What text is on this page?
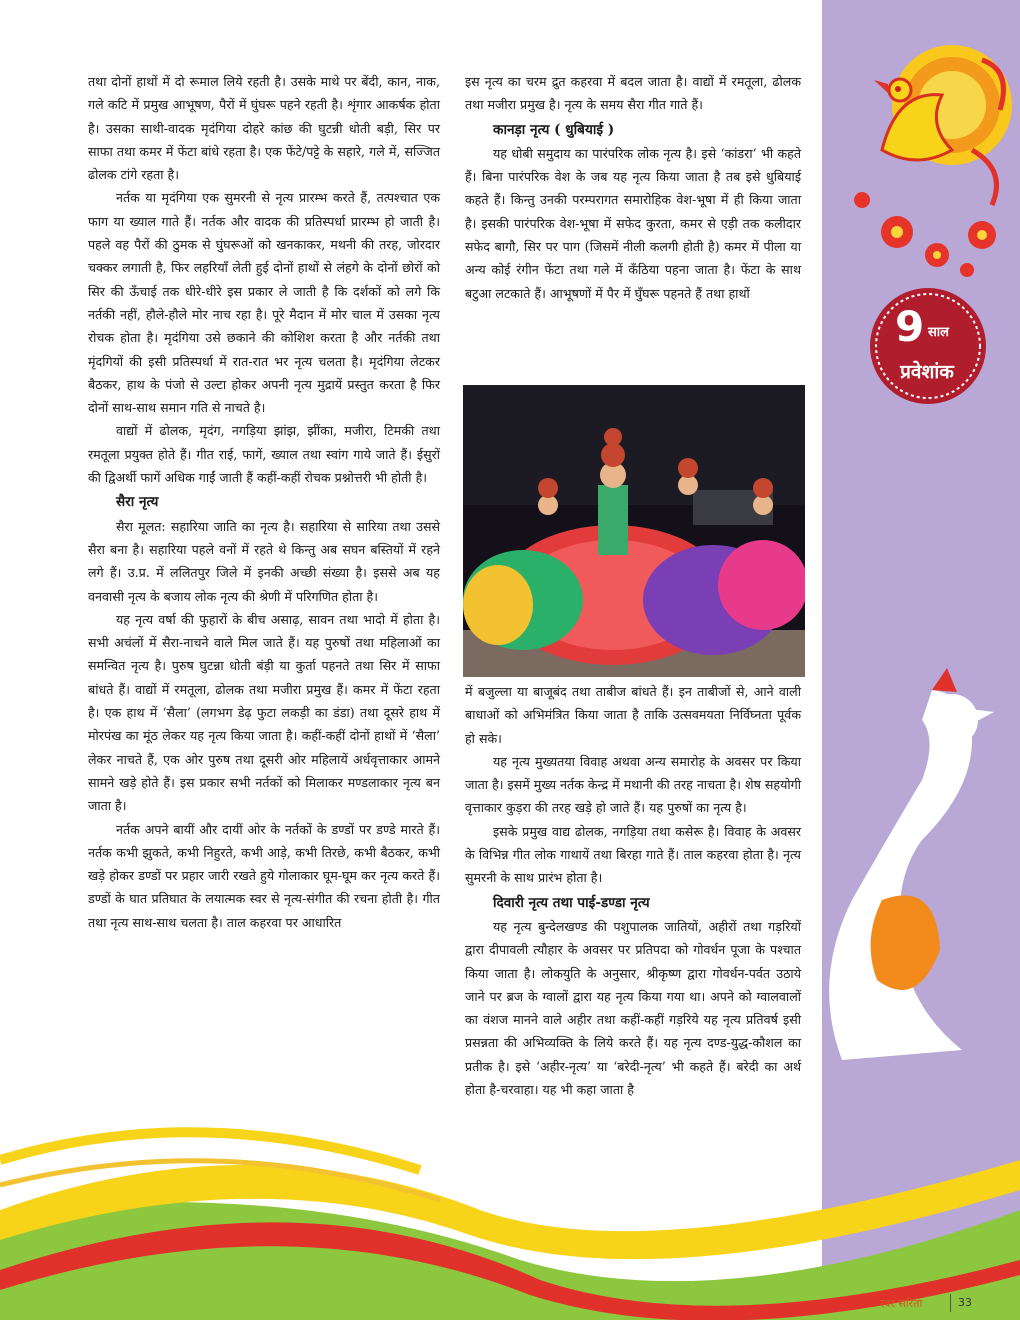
9 साल
प्रवेशांक

तथा दोनों हाथों में दो रूमाल लिये रहती है। उसके माथे पर बेंदी, कान, नाक, गले कटि में प्रमुख आभूषण, पैरों में घुंघरू पहने रहती है। शृंगार आकर्षक होता है। उसका साथी-वादक मृदंगिया दोहरे कांछ की घुटन्नी धोती बड़ी, सिर पर साफा तथा कमर में फेंटा बांधे रहता है। एक फेंटे/पट्टे के सहारे, गले में, सज्जित ढोलक टांगे रहता है।

नर्तक या मृदंगिया एक सुमरनी से नृत्य प्रारम्भ करते हैं, तत्पश्चात एक फाग या ख्याल गाते हैं। नर्तक और वादक की प्रतिस्पर्धा प्रारम्भ हो जाती है। पहले वह पैरों की ठुमक से घुंघरूओं को खनकाकर, मथनी की तरह, जोरदार चक्कर लगाती है, फिर लहरियाँ लेती हुई दोनों हाथों से लंहगे के दोनों छोरों को सिर की ऊँचाई तक धीरे-धीरे इस प्रकार ले जाती है कि दर्शकों को लगे कि नर्तकी नहीं, हौले-हौले मोर नाच रहा है। पूरे मैदान में मोर चाल में उसका नृत्य रोचक होता है। मृदंगिया उसे छकाने की कोशिश करता है और नर्तकी तथा मृंदगियों की इसी प्रतिस्पर्धा में रात-रात भर नृत्य चलता है। मृदंगिया लेटकर बैठकर, हाथ के पंजो से उल्टा होकर अपनी नृत्य मुद्रायें प्रस्तुत करता है फिर दोनों साथ-साथ समान गति से नाचते है।

वाद्यों में ढोलक, मृदंग, नगड़िया झांझ, झींका, मजीरा, टिमकी तथा रमतूला प्रयुक्त होते हैं। गीत राई, फागें, ख्याल तथा स्वांग गाये जाते हैं। ईसुरों की द्विअर्थी फागें अधिक गाईं जाती हैं कहीं-कहीं रोचक प्रश्नोत्तरी भी होती है।

सैरा नृत्य

सैरा मूलत: सहारिया जाति का नृत्य है। सहारिया से सारिया तथा उससे सैरा बना है। सहारिया पहले वनों में रहते थे किन्तु अब सघन बस्तियों में रहने लगे हैं। उ.प्र. में ललितपुर जिले में इनकी अच्छी संख्या है। इससे अब यह वनवासी नृत्य के बजाय लोक नृत्य की श्रेणी में परिगणित होता है।

यह नृत्य वर्षा की फुहारों के बीच असाढ़, सावन तथा भादो में होता है। सभी अचंलों में सैरा-नाचने वाले मिल जाते हैं। यह पुरुषों तथा महिलाओं का समन्वित नृत्य है। पुरुष घुटन्ना धोती बंड़ी या कुर्ता पहनते तथा सिर में साफा बांधते हैं। वाद्यों में रमतूला, ढोलक तथा मजीरा प्रमुख हैं। कमर में फेंटा रहता है। एक हाथ में ‘सैला’ (लगभग डेढ़ फुटा लकड़ी का डंडा) तथा दूसरे हाथ में मोरपंख का मूंठ लेकर यह नृत्य किया जाता है। कहीं-कहीं दोनों हाथों में ‘सैला’ लेकर नाचते हैं, एक ओर पुरुष तथा दूसरी ओर महिलायें अर्धवृत्ताकार आमने सामने खड़े होते हैं। इस प्रकार सभी नर्तकों को मिलाकर मण्डलाकार नृत्य बन जाता है।

नर्तक अपने बायीं और दायीं ओर के नर्तकों के डण्डों पर डण्डे मारते हैं। नर्तक कभी झुकते, कभी निहुरते, कभी आड़े, कभी तिरछे, कभी बैठकर, कभी खड़े होकर डण्डों पर प्रहार जारी रखते हुये गोलाकार घूम-घूम कर नृत्य करते हैं। डण्डों के घात प्रतिघात के लयात्मक स्वर से नृत्य-संगीत की रचना होती है। गीत तथा नृत्य साथ-साथ चलता है। ताल कहरवा पर आधारित

इस नृत्य का चरम द्रुत कहरवा में बदल जाता है। वाद्यों में रमतूला, ढोलक तथा मजीरा प्रमुख है। नृत्य के समय सैरा गीत गाते हैं।

कानड़ा नृत्य ( धुबियाई )

यह धोबी समुदाय का पारंपरिक लोक नृत्य है। इसे ‘कांडरा’ भी कहते हैं। बिना पारंपरिक वेश के जब यह नृत्य किया जाता है तब इसे धुबियाई कहते हैं। किन्तु उनकी परम्परागत समारोहिक वेश-भूषा में ही किया जाता है। इसकी पारंपरिक वेश-भूषा में सफेद कुरता, कमर से एड़ी तक कलीदार सफेद बागौ, सिर पर पाग (जिसमें नीली कलगी होती है) कमर में पीला या अन्य कोई रंगीन फेंटा तथा गले में कँठिया पहना जाता है। फेंटा के साथ बटुआ लटकाते हैं। आभूषणों में पैर में घुँघरू पहनते हैं तथा हाथों

में बजुल्ला या बाजूबंद तथा ताबीज बांधते हैं। इन ताबीजों से, आने वाली बाधाओं को अभिमंत्रित किया जाता है ताकि उत्सवमयता निर्विघ्नता पूर्वक हो सके।

यह नृत्य मुख्यतया विवाह अथवा अन्य समारोह के अवसर पर किया जाता है। इसमें मुख्य नर्तक केन्द्र में मथानी की तरह नाचता है। शेष सहयोगी वृत्ताकार कुड़रा की तरह खड़े हो जाते हैं। यह पुरुषों का नृत्य है।

इसके प्रमुख वाद्य ढोलक, नगड़िया तथा कसेरू है। विवाह के अवसर के विभिन्न गीत लोक गाथायें तथा बिरहा गाते हैं। ताल कहरवा होता है। नृत्य सुमरनी के साथ प्रारंभ होता है।

दिवारी नृत्य तथा पाई-डण्डा नृत्य

यह नृत्य बुन्देलखण्ड की पशुपालक जातियों, अहीरों तथा गड़रियों द्वारा दीपावली त्यौहार के अवसर पर प्रतिपदा को गोवर्धन पूजा के पश्चात किया जाता है। लोकयुति के अनुसार, श्रीकृष्ण द्वारा गोवर्धन-पर्वत उठाये जाने पर ब्रज के ग्वालों द्वारा यह नृत्य किया गया था। अपने को ग्वालवालों का वंशज मानने वाले अहीर तथा कहीं-कहीं गड़रिये यह नृत्य प्रतिवर्ष इसी प्रसन्नता की अभिव्यक्ति के लिये करते हैं। यह नृत्य दण्ड-युद्ध-कौशल का प्रतीक है। इसे ‘अहीर-नृत्य’ या ‘बरेदी-नृत्य’ भी कहते हैं। बरेदी का अर्थ होता है-चरवाहा। यह भी कहा जाता है

स्वर सरिता	33
